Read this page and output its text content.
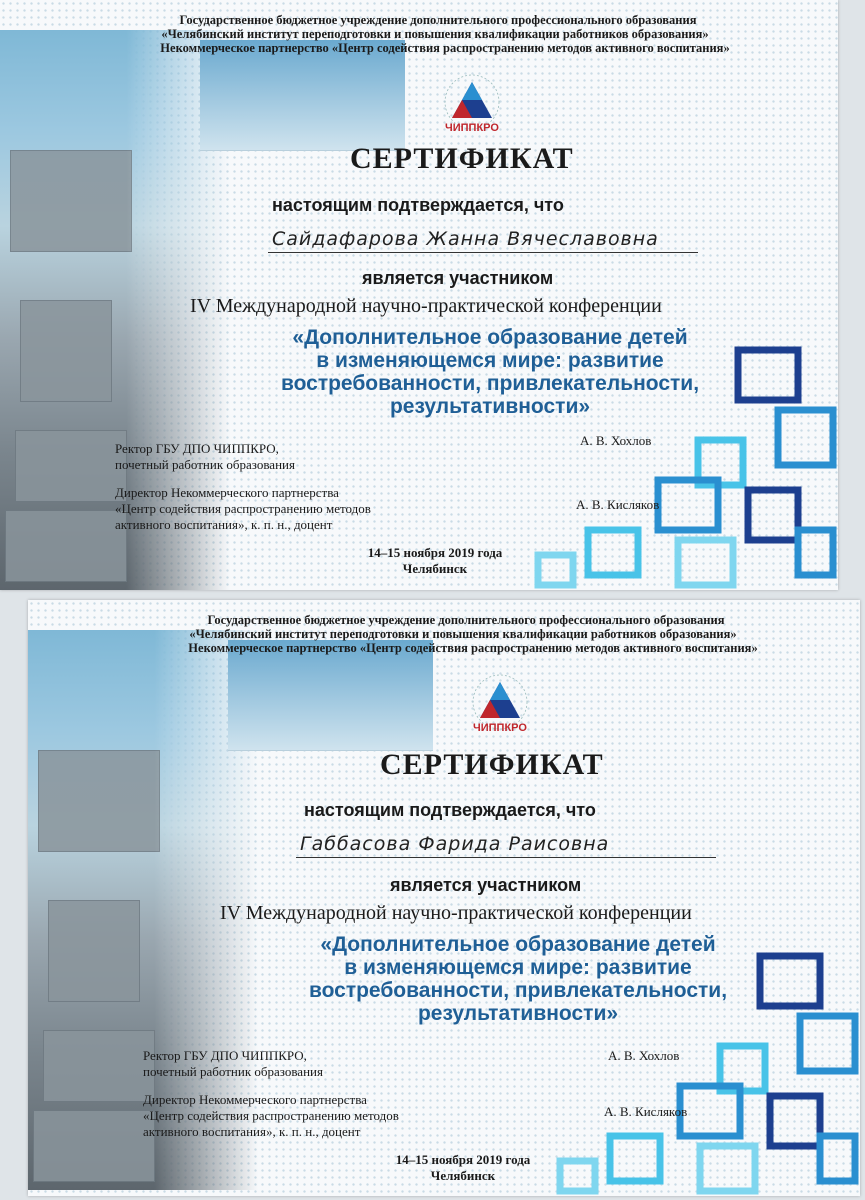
Государственное бюджетное учреждение дополнительного профессионального образования
«Челябинский институт переподготовки и повышения квалификации работников образования»
Некоммерческое партнерство «Центр содействия распространению методов активного воспитания»
ЧИППКРО
СЕРТИФИКАТ
настоящим подтверждается, что
Сайдафарова Жанна Вячеславовна
является участником
IV Международной научно-практической конференции
«Дополнительное образование детей
в изменяющемся мире: развитие
востребованности, привлекательности,
результативности»
Ректор ГБУ ДПО ЧИППКРО,
почетный работник образования
А. В. Хохлов
Директор Некоммерческого партнерства
«Центр содействия распространению методов
активного воспитания», к. п. н., доцент
А. В. Кисляков
14–15 ноября 2019 года
Челябинск
Государственное бюджетное учреждение дополнительного профессионального образования
«Челябинский институт переподготовки и повышения квалификации работников образования»
Некоммерческое партнерство «Центр содействия распространению методов активного воспитания»
ЧИППКРО
СЕРТИФИКАТ
настоящим подтверждается, что
Габбасова Фарида Раисовна
является участником
IV Международной научно-практической конференции
«Дополнительное образование детей
в изменяющемся мире: развитие
востребованности, привлекательности,
результативности»
Ректор ГБУ ДПО ЧИППКРО,
почетный работник образования
А. В. Хохлов
Директор Некоммерческого партнерства
«Центр содействия распространению методов
активного воспитания», к. п. н., доцент
А. В. Кисляков
14–15 ноября 2019 года
Челябинск
